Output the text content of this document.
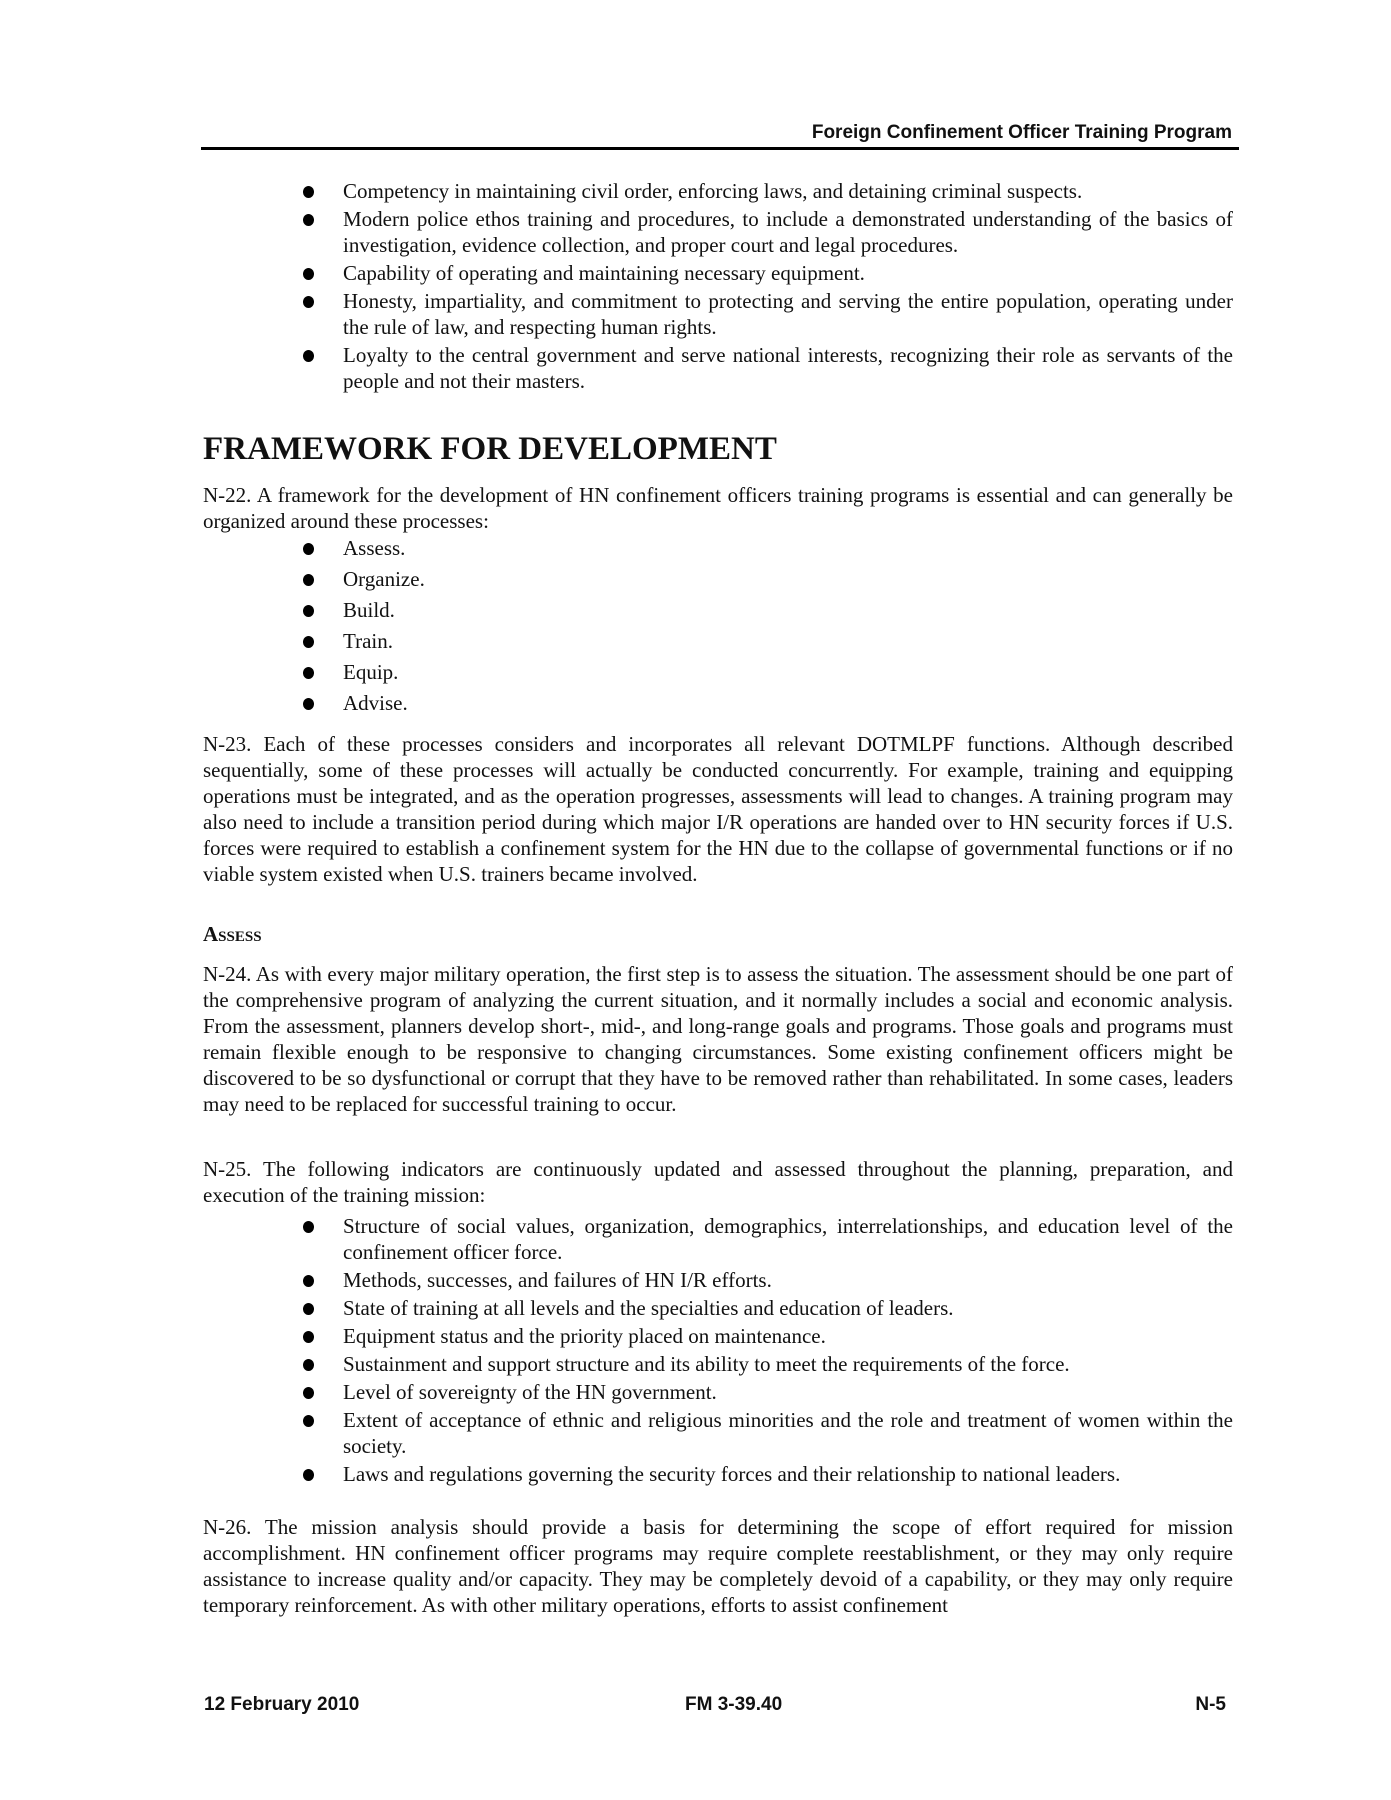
Foreign Confinement Officer Training Program
Competency in maintaining civil order, enforcing laws, and detaining criminal suspects.
Modern police ethos training and procedures, to include a demonstrated understanding of the basics of investigation, evidence collection, and proper court and legal procedures.
Capability of operating and maintaining necessary equipment.
Honesty, impartiality, and commitment to protecting and serving the entire population, operating under the rule of law, and respecting human rights.
Loyalty to the central government and serve national interests, recognizing their role as servants of the people and not their masters.
FRAMEWORK FOR DEVELOPMENT

N-22. A framework for the development of HN confinement officers training programs is essential and can generally be organized around these processes:

Assess.
Organize.
Build.
Train.
Equip.
Advise.

N-23. Each of these processes considers and incorporates all relevant DOTMLPF functions. Although described sequentially, some of these processes will actually be conducted concurrently. For example, training and equipping operations must be integrated, and as the operation progresses, assessments will lead to changes. A training program may also need to include a transition period during which major I/R operations are handed over to HN security forces if U.S. forces were required to establish a confinement system for the HN due to the collapse of governmental functions or if no viable system existed when U.S. trainers became involved.

Assess

N-24. As with every major military operation, the first step is to assess the situation. The assessment should be one part of the comprehensive program of analyzing the current situation, and it normally includes a social and economic analysis. From the assessment, planners develop short-, mid-, and long-range goals and programs. Those goals and programs must remain flexible enough to be responsive to changing circumstances. Some existing confinement officers might be discovered to be so dysfunctional or corrupt that they have to be removed rather than rehabilitated. In some cases, leaders may need to be replaced for successful training to occur.

N-25. The following indicators are continuously updated and assessed throughout the planning, preparation, and execution of the training mission:

Structure of social values, organization, demographics, interrelationships, and education level of the confinement officer force.
Methods, successes, and failures of HN I/R efforts.
State of training at all levels and the specialties and education of leaders.
Equipment status and the priority placed on maintenance.
Sustainment and support structure and its ability to meet the requirements of the force.
Level of sovereignty of the HN government.
Extent of acceptance of ethnic and religious minorities and the role and treatment of women within the society.
Laws and regulations governing the security forces and their relationship to national leaders.

N-26. The mission analysis should provide a basis for determining the scope of effort required for mission accomplishment. HN confinement officer programs may require complete reestablishment, or they may only require assistance to increase quality and/or capacity. They may be completely devoid of a capability, or they may only require temporary reinforcement. As with other military operations, efforts to assist confinement

12 February 2010	FM 3-39.40	N-5
